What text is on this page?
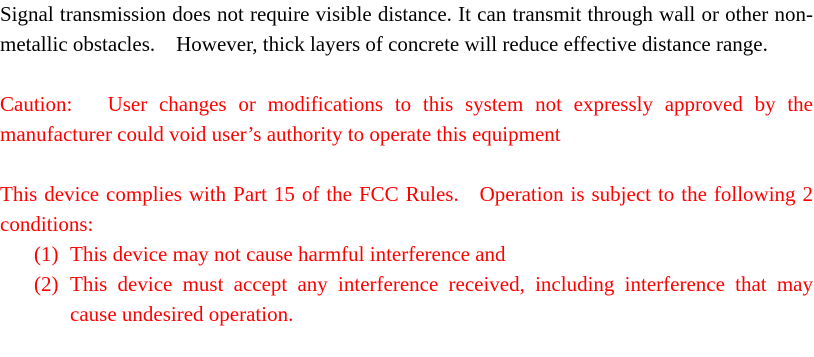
Signal transmission does not require visible distance. It can transmit through wall or other non-metallic obstacles.    However, thick layers of concrete will reduce effective distance range.

Caution:   User changes or modifications to this system not expressly approved by the manufacturer could void user’s authority to operate this equipment

This device complies with Part 15 of the FCC Rules.   Operation is subject to the following 2 conditions:

(1) This device may not cause harmful interference and
(2) This device must accept any interference received, including interference that may cause undesired operation.
